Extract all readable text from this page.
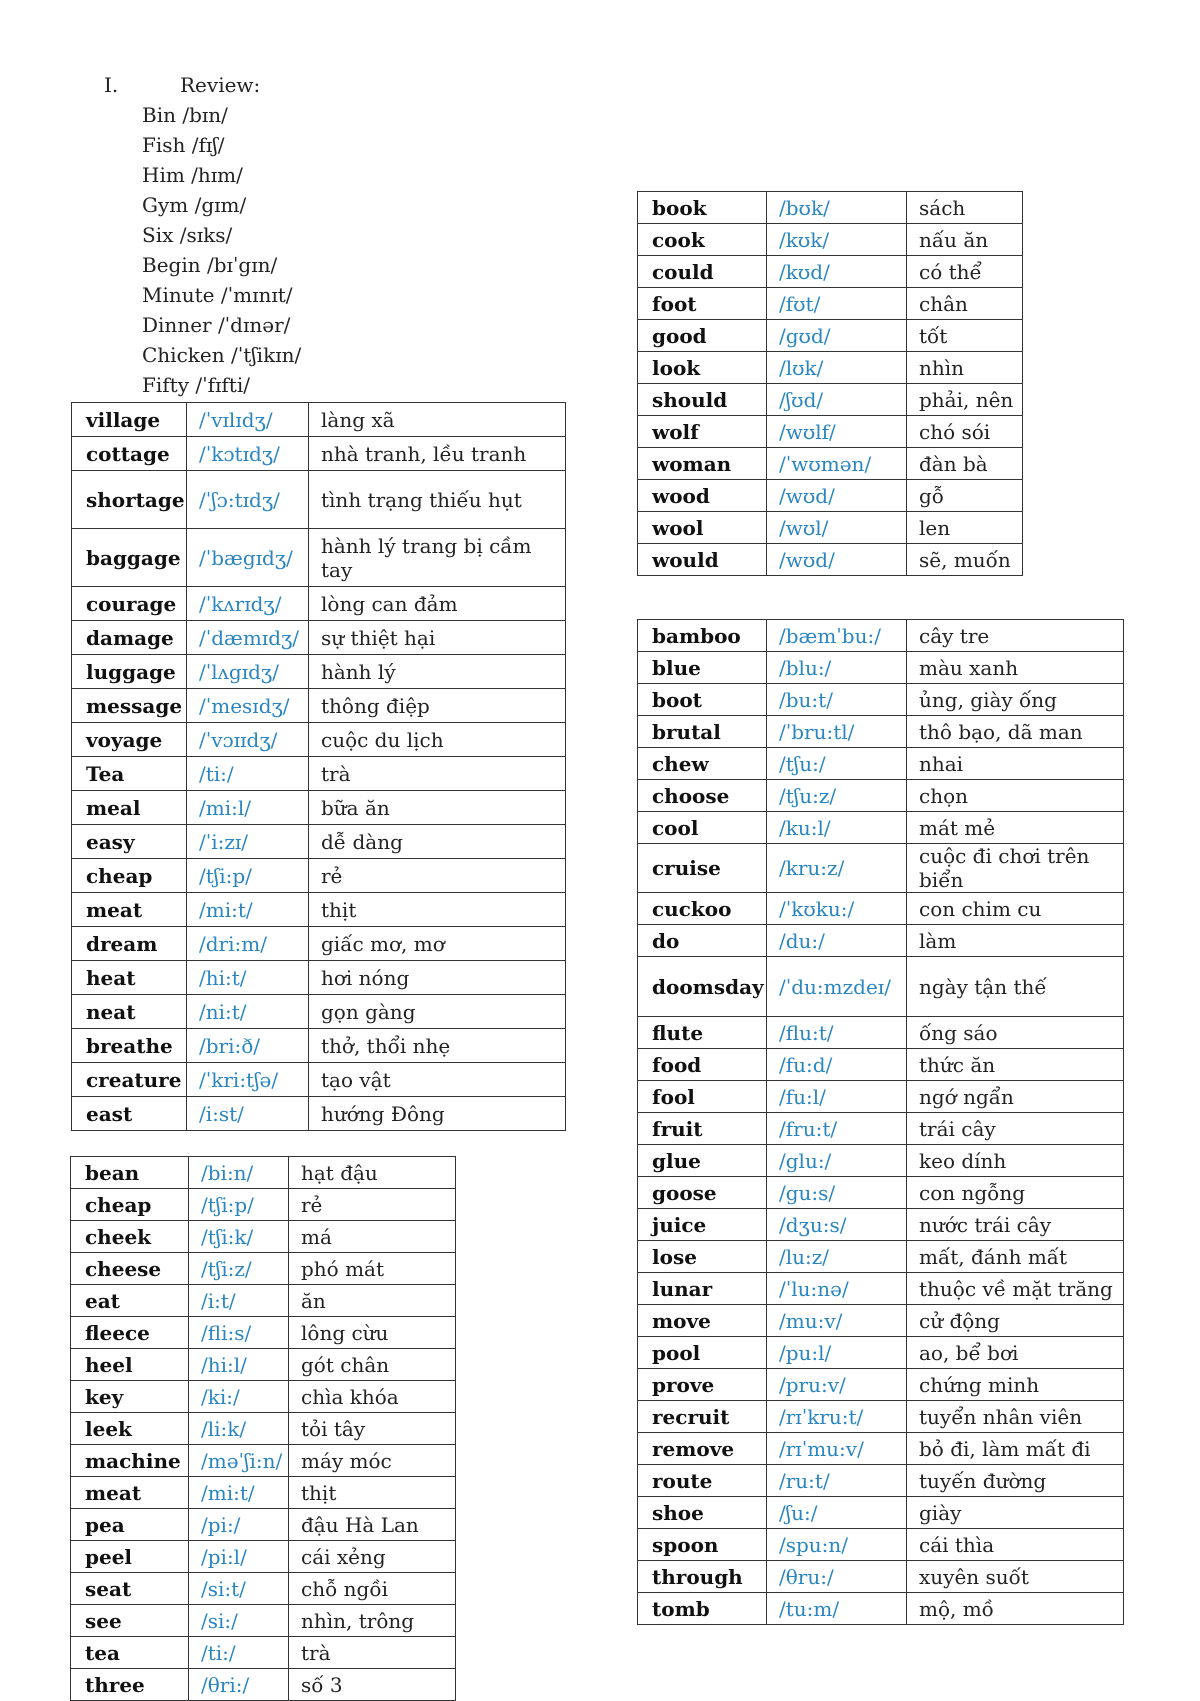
I.	Review:
Bin /bɪn/
Fish /fɪʃ/
Him /hɪm/
Gym /gɪm/
Six /sɪks/
Begin /bɪˈgɪn/
Minute /ˈmɪnɪt/
Dinner /ˈdɪnər/
Chicken /ˈtʃikɪn/
Fifty /ˈfɪfti/
village	/ˈvɪlɪdʒ/	làng xã
cottage	/ˈkɔtɪdʒ/	nhà tranh, lều tranh
shortage	/ˈʃɔ:tɪdʒ/	tình trạng thiếu hụt
baggage	/ˈbægɪdʒ/	hành lý trang bị cầm tay
courage	/ˈkʌrɪdʒ/	lòng can đảm
damage	/ˈdæmɪdʒ/	sự thiệt hại
luggage	/ˈlʌgɪdʒ/	hành lý
message	/ˈmesɪdʒ/	thông điệp
voyage	/ˈvɔɪɪdʒ/	cuộc du lịch
Tea	/ti:/	trà
meal	/mi:l/	bữa ăn
easy	/ˈi:zɪ/	dễ dàng
cheap	/tʃi:p/	rẻ
meat	/mi:t/	thịt
dream	/dri:m/	giấc mơ, mơ
heat	/hi:t/	hơi nóng
neat	/ni:t/	gọn gàng
breathe	/bri:ð/	thở, thổi nhẹ
creature	/ˈkri:tʃə/	tạo vật
east	/i:st/	hướng Đông
bean	/bi:n/	hạt đậu
cheap	/tʃi:p/	rẻ
cheek	/tʃi:k/	má
cheese	/tʃi:z/	phó mát
eat	/i:t/	ăn
fleece	/fli:s/	lông cừu
heel	/hi:l/	gót chân
key	/ki:/	chìa khóa
leek	/li:k/	tỏi tây
machine	/məˈʃi:n/	máy móc
meat	/mi:t/	thịt
pea	/pi:/	đậu Hà Lan
peel	/pi:l/	cái xẻng
seat	/si:t/	chỗ ngồi
see	/si:/	nhìn, trông
tea	/ti:/	trà
three	/θri:/	số 3
book	/bʊk/	sách
cook	/kʊk/	nấu ăn
could	/kʊd/	có thể
foot	/fʊt/	chân
good	/gʊd/	tốt
look	/lʊk/	nhìn
should	/ʃʊd/	phải, nên
wolf	/wʊlf/	chó sói
woman	/ˈwʊmən/	đàn bà
wood	/wʊd/	gỗ
wool	/wʊl/	len
would	/wʊd/	sẽ, muốn
bamboo	/bæmˈbu:/	cây tre
blue	/blu:/	màu xanh
boot	/bu:t/	ủng, giày ống
brutal	/ˈbru:tl/	thô bạo, dã man
chew	/tʃu:/	nhai
choose	/tʃu:z/	chọn
cool	/ku:l/	mát mẻ
cruise	/kru:z/	cuộc đi chơi trên biển
cuckoo	/ˈkʊku:/	con chim cu
do	/du:/	làm
doomsday	/ˈdu:mzdeɪ/	ngày tận thế
flute	/flu:t/	ống sáo
food	/fu:d/	thức ăn
fool	/fu:l/	ngớ ngẩn
fruit	/fru:t/	trái cây
glue	/glu:/	keo dính
goose	/gu:s/	con ngỗng
juice	/dʒu:s/	nước trái cây
lose	/lu:z/	mất, đánh mất
lunar	/ˈlu:nə/	thuộc về mặt trăng
move	/mu:v/	cử động
pool	/pu:l/	ao, bể bơi
prove	/pru:v/	chứng minh
recruit	/rɪˈkru:t/	tuyển nhân viên
remove	/rɪˈmu:v/	bỏ đi, làm mất đi
route	/ru:t/	tuyến đường
shoe	/ʃu:/	giày
spoon	/spu:n/	cái thìa
through	/θru:/	xuyên suốt
tomb	/tu:m/	mộ, mồ
